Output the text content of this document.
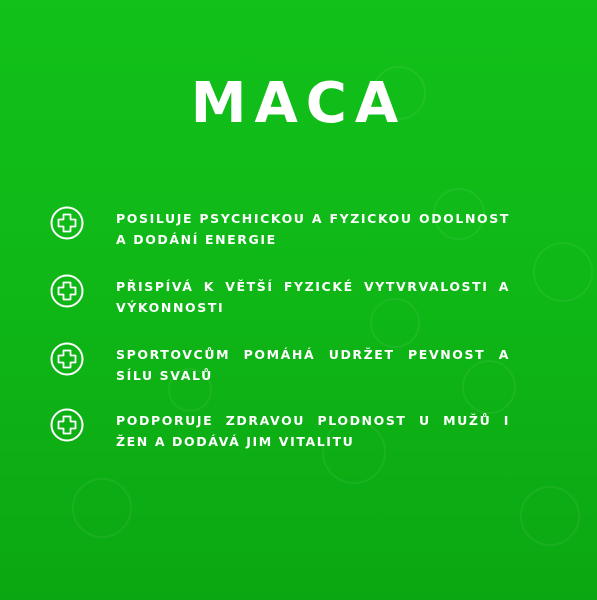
MACA
POSILUJE PSYCHICKOU A FYZICKOU ODOLNOST A DODÁNÍ ENERGIE
PŘISPÍVÁ K VĚTŠÍ FYZICKÉ VYTVRVALOSTI A VÝKONNOSTI
SPORTOVCŮM POMÁHÁ UDRŽET PEVNOST A SÍLU SVALŮ
PODPORUJE ZDRAVOU PLODNOST U MUŽŮ I ŽEN A DODÁVÁ JIM VITALITU
